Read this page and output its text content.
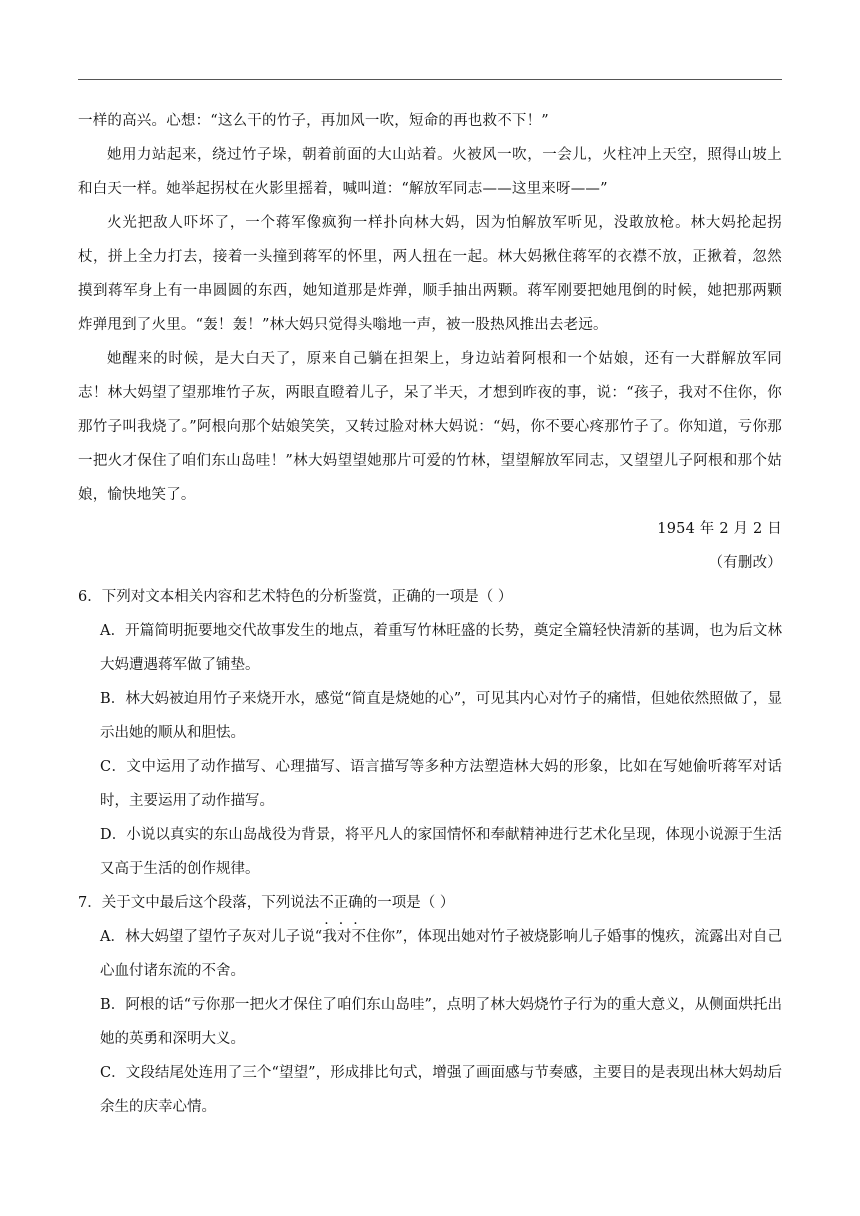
一样的高兴。心想：“这么干的竹子，再加风一吹，短命的再也救不下！”

她用力站起来，绕过竹子垛，朝着前面的大山站着。火被风一吹，一会儿，火柱冲上天空，照得山坡上和白天一样。她举起拐杖在火影里摇着，喊叫道：“解放军同志——这里来呀——”

火光把敌人吓坏了，一个蒋军像疯狗一样扑向林大妈，因为怕解放军听见，没敢放枪。林大妈抡起拐杖，拼上全力打去，接着一头撞到蒋军的怀里，两人扭在一起。林大妈揪住蒋军的衣襟不放，正揪着，忽然摸到蒋军身上有一串圆圆的东西，她知道那是炸弹，顺手抽出两颗。蒋军刚要把她甩倒的时候，她把那两颗炸弹甩到了火里。“轰！轰！”林大妈只觉得头嗡地一声，被一股热风推出去老远。

她醒来的时候，是大白天了，原来自己躺在担架上，身边站着阿根和一个姑娘，还有一大群解放军同志！林大妈望了望那堆竹子灰，两眼直瞪着儿子，呆了半天，才想到昨夜的事，说：“孩子，我对不住你，你那竹子叫我烧了。”阿根向那个姑娘笑笑，又转过脸对林大妈说：“妈，你不要心疼那竹子了。你知道，亏你那一把火才保住了咱们东山岛哇！”林大妈望望她那片可爱的竹林，望望解放军同志，又望望儿子阿根和那个姑娘，愉快地笑了。

1954 年 2 月 2 日

（有删改）

6．下列对文本相关内容和艺术特色的分析鉴赏，正确的一项是（ ）

A．开篇简明扼要地交代故事发生的地点，着重写竹林旺盛的长势，奠定全篇轻快清新的基调，也为后文林大妈遭遇蒋军做了铺垫。

B．林大妈被迫用竹子来烧开水，感觉“简直是烧她的心”，可见其内心对竹子的痛惜，但她依然照做了，显示出她的顺从和胆怯。

C．文中运用了动作描写、心理描写、语言描写等多种方法塑造林大妈的形象，比如在写她偷听蒋军对话时，主要运用了动作描写。

D．小说以真实的东山岛战役为背景，将平凡人的家国情怀和奉献精神进行艺术化呈现，体现小说源于生活又高于生活的创作规律。

7．关于文中最后这个段落，下列说法不正确的一项是（ ）

A．林大妈望了望竹子灰对儿子说“我对不住你”，体现出她对竹子被烧影响儿子婚事的愧疚，流露出对自己心血付诸东流的不舍。

B．阿根的话“亏你那一把火才保住了咱们东山岛哇”，点明了林大妈烧竹子行为的重大意义，从侧面烘托出她的英勇和深明大义。

C．文段结尾处连用了三个“望望”，形成排比句式，增强了画面感与节奏感，主要目的是表现出林大妈劫后余生的庆幸心情。
